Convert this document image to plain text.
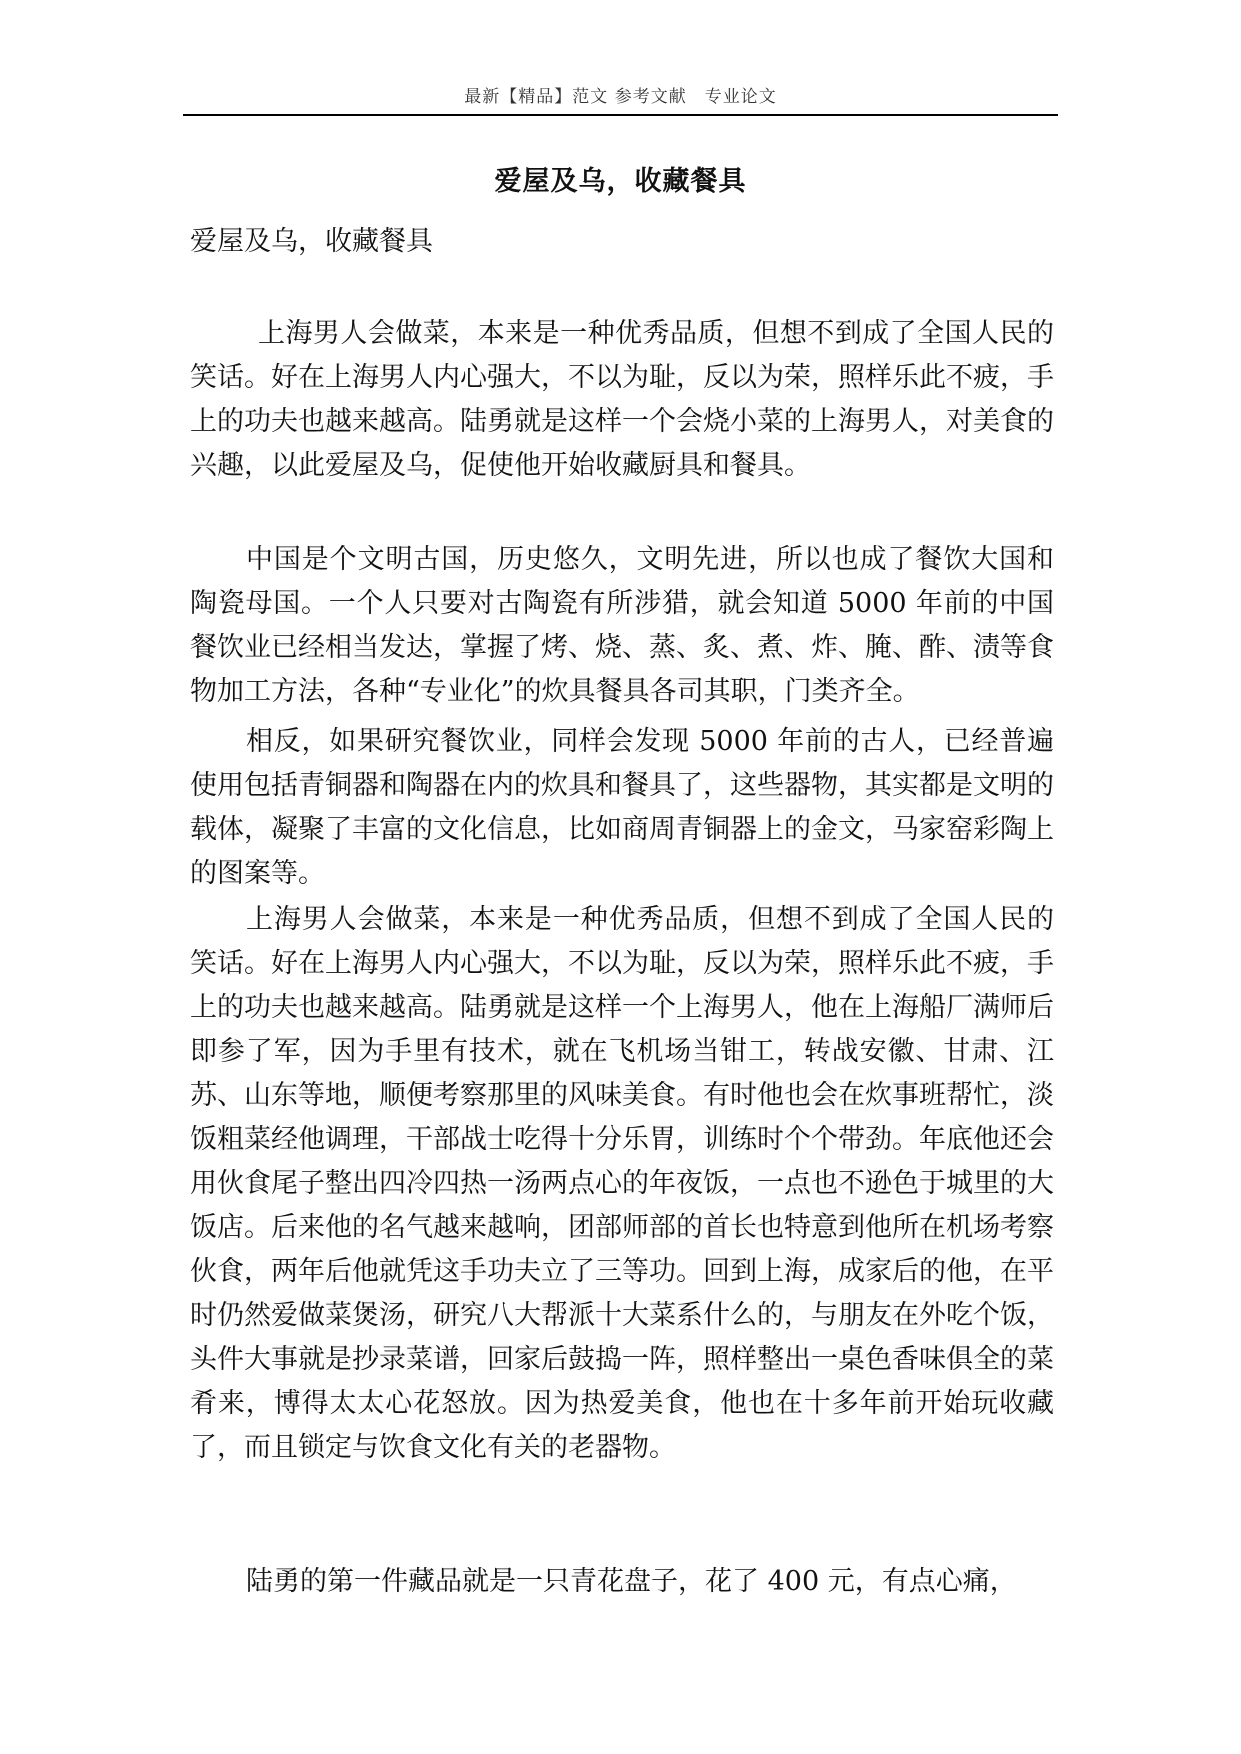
最新【精品】范文 参考文献　专业论文
爱屋及乌，收藏餐具
爱屋及乌，收藏餐具

上海男人会做菜，本来是一种优秀品质，但想不到成了全国人民的笑话。好在上海男人内心强大，不以为耻，反以为荣，照样乐此不疲，手上的功夫也越来越高。陆勇就是这样一个会烧小菜的上海男人，对美食的兴趣，以此爱屋及乌，促使他开始收藏厨具和餐具。

中国是个文明古国，历史悠久，文明先进，所以也成了餐饮大国和陶瓷母国。一个人只要对古陶瓷有所涉猎，就会知道 5000 年前的中国餐饮业已经相当发达，掌握了烤、烧、蒸、炙、煮、炸、腌、酢、渍等食物加工方法，各种“专业化”的炊具餐具各司其职，门类齐全。

相反，如果研究餐饮业，同样会发现 5000 年前的古人，已经普遍使用包括青铜器和陶器在内的炊具和餐具了，这些器物，其实都是文明的载体，凝聚了丰富的文化信息，比如商周青铜器上的金文，马家窑彩陶上的图案等。

上海男人会做菜，本来是一种优秀品质，但想不到成了全国人民的笑话。好在上海男人内心强大，不以为耻，反以为荣，照样乐此不疲，手上的功夫也越来越高。陆勇就是这样一个上海男人，他在上海船厂满师后即参了军，因为手里有技术，就在飞机场当钳工，转战安徽、甘肃、江苏、山东等地，顺便考察那里的风味美食。有时他也会在炊事班帮忙，淡饭粗菜经他调理，干部战士吃得十分乐胃，训练时个个带劲。年底他还会用伙食尾子整出四冷四热一汤两点心的年夜饭，一点也不逊色于城里的大饭店。后来他的名气越来越响，团部师部的首长也特意到他所在机场考察伙食，两年后他就凭这手功夫立了三等功。回到上海，成家后的他，在平时仍然爱做菜煲汤，研究八大帮派十大菜系什么的，与朋友在外吃个饭，头件大事就是抄录菜谱，回家后鼓捣一阵，照样整出一桌色香味俱全的菜肴来，博得太太心花怒放。因为热爱美食，他也在十多年前开始玩收藏了，而且锁定与饮食文化有关的老器物。

陆勇的第一件藏品就是一只青花盘子，花了 400 元，有点心痛，
